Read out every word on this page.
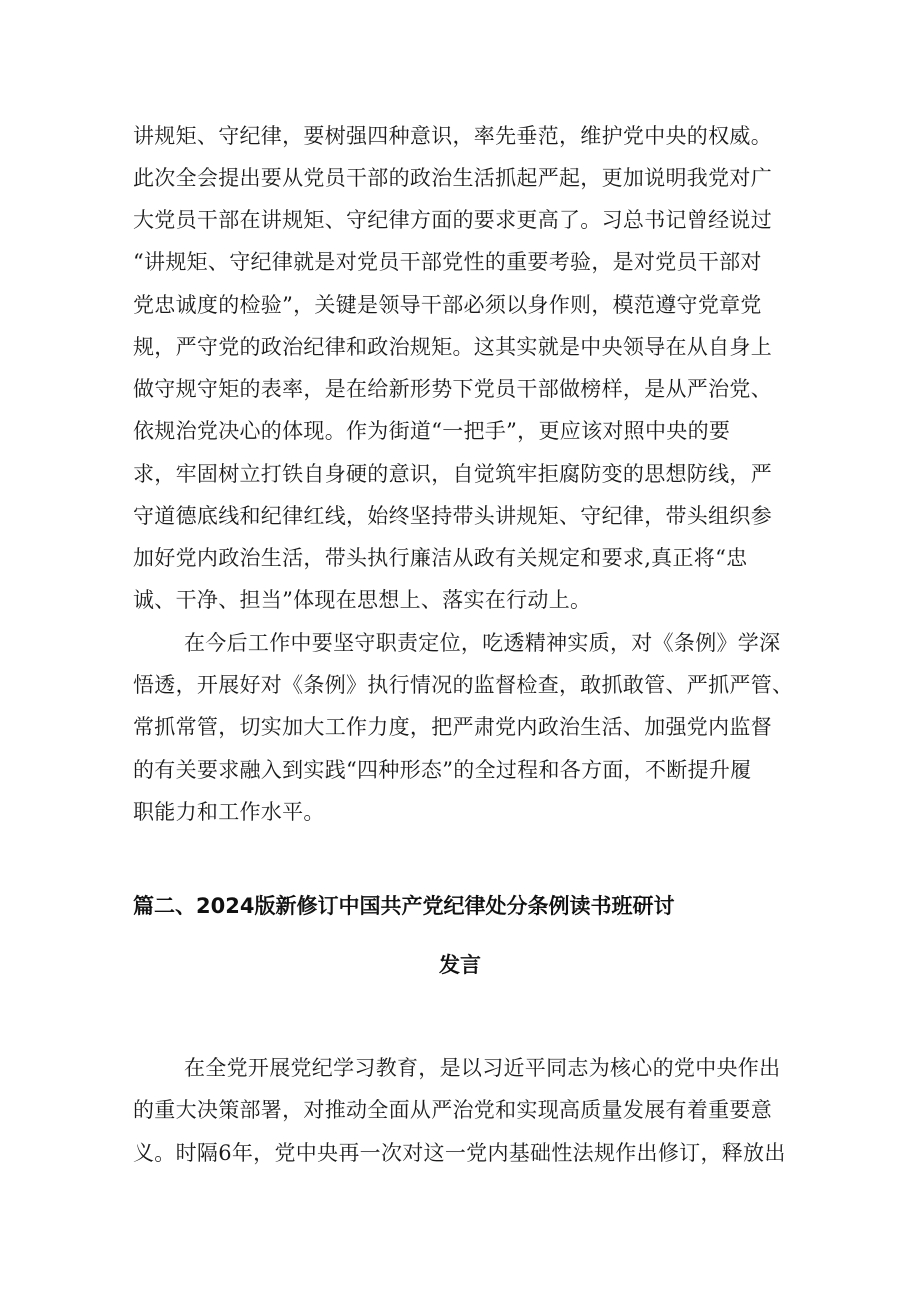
讲规矩、守纪律，要树强四种意识，率先垂范，维护党中央的权威。
此次全会提出要从党员干部的政治生活抓起严起，更加说明我党对广
大党员干部在讲规矩、守纪律方面的要求更高了。习总书记曾经说过
“讲规矩、守纪律就是对党员干部党性的重要考验，是对党员干部对
党忠诚度的检验”，关键是领导干部必须以身作则，模范遵守党章党
规，严守党的政治纪律和政治规矩。这其实就是中央领导在从自身上
做守规守矩的表率，是在给新形势下党员干部做榜样，是从严治党、
依规治党决心的体现。作为街道“一把手”，更应该对照中央的要
求，牢固树立打铁自身硬的意识，自觉筑牢拒腐防变的思想防线，严
守道德底线和纪律红线，始终坚持带头讲规矩、守纪律，带头组织参
加好党内政治生活，带头执行廉洁从政有关规定和要求,真正将“忠
诚、干净、担当”体现在思想上、落实在行动上。
在今后工作中要坚守职责定位，吃透精神实质，对《条例》学深
悟透，开展好对《条例》执行情况的监督检查，敢抓敢管、严抓严管、
常抓常管，切实加大工作力度，把严肃党内政治生活、加强党内监督
的有关要求融入到实践“四种形态”的全过程和各方面，不断提升履
职能力和工作水平。
篇二、2024版新修订中国共产党纪律处分条例读书班研讨
发言
在全党开展党纪学习教育，是以习近平同志为核心的党中央作出
的重大决策部署，对推动全面从严治党和实现高质量发展有着重要意
义。时隔6年，党中央再一次对这一党内基础性法规作出修订，释放出
